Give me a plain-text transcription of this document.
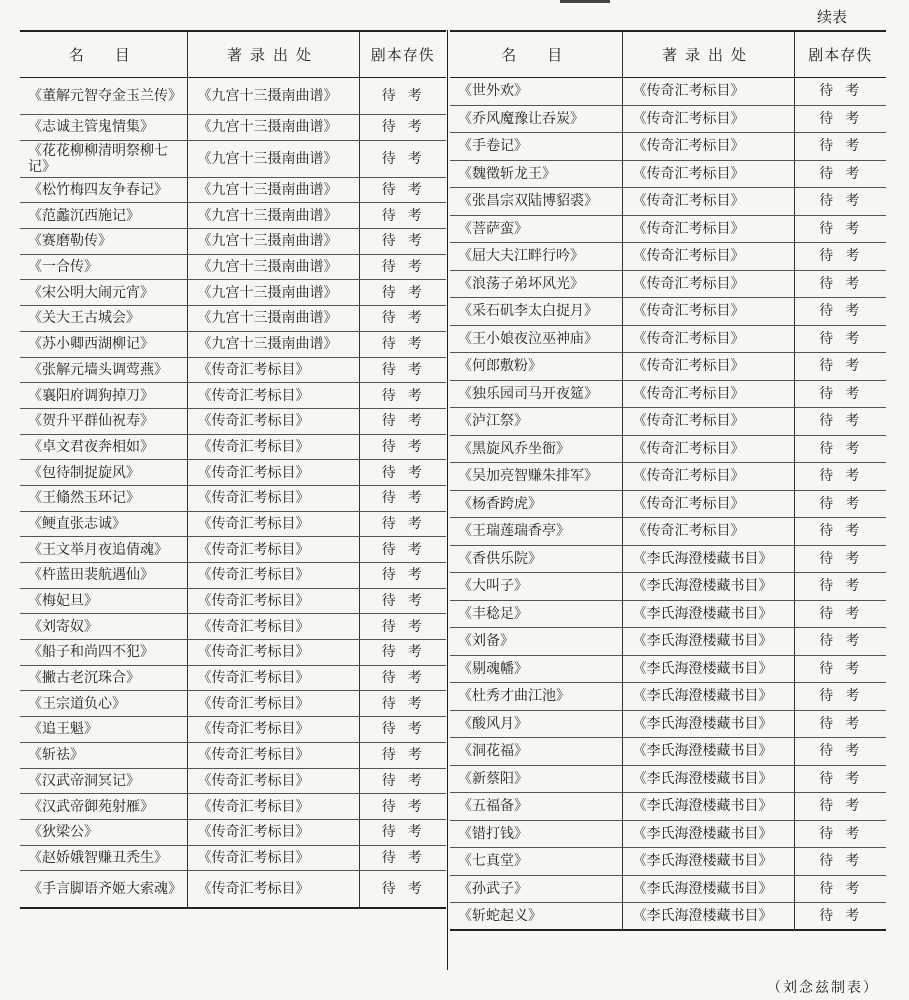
续表
名　目	著录出处	剧本存佚
《董解元智夺金玉兰传》	《九宫十三摄南曲谱》	待考
《志诚主管鬼情集》	《九宫十三摄南曲谱》	待考
《花花柳柳清明祭柳七记》	《九宫十三摄南曲谱》	待考
《松竹梅四友争春记》	《九宫十三摄南曲谱》	待考
《范蠡沉西施记》	《九宫十三摄南曲谱》	待考
《赛磨勒传》	《九宫十三摄南曲谱》	待考
《一合传》	《九宫十三摄南曲谱》	待考
《宋公明大闹元宵》	《九宫十三摄南曲谱》	待考
《关大王古城会》	《九宫十三摄南曲谱》	待考
《苏小卿西湖柳记》	《九宫十三摄南曲谱》	待考
《张解元墙头调莺燕》	《传奇汇考标目》	待考
《襄阳府调狗掉刀》	《传奇汇考标目》	待考
《贺升平群仙祝寿》	《传奇汇考标目》	待考
《卓文君夜奔相如》	《传奇汇考标目》	待考
《包待制捉旋风》	《传奇汇考标目》	待考
《王翛然玉环记》	《传奇汇考标目》	待考
《鲠直张志诚》	《传奇汇考标目》	待考
《王文举月夜追倩魂》	《传奇汇考标目》	待考
《杵蓝田裴航遇仙》	《传奇汇考标目》	待考
《梅妃旦》	《传奇汇考标目》	待考
《刘寄奴》	《传奇汇考标目》	待考
《船子和尚四不犯》	《传奇汇考标目》	待考
《撇古老沉珠合》	《传奇汇考标目》	待考
《王宗道负心》	《传奇汇考标目》	待考
《追王魁》	《传奇汇考标目》	待考
《斩祛》	《传奇汇考标目》	待考
《汉武帝洞冥记》	《传奇汇考标目》	待考
《汉武帝御苑射雁》	《传奇汇考标目》	待考
《狄梁公》	《传奇汇考标目》	待考
《赵娇娥智赚丑秃生》	《传奇汇考标目》	待考
《手言脚语齐姬大索魂》	《传奇汇考标目》	待考
名　目	著录出处	剧本存佚
《世外欢》	《传奇汇考标目》	待考
《乔风魔豫让吞炭》	《传奇汇考标目》	待考
《手卷记》	《传奇汇考标目》	待考
《魏徵斩龙王》	《传奇汇考标目》	待考
《张昌宗双陆博貂裘》	《传奇汇考标目》	待考
《菩萨蛮》	《传奇汇考标目》	待考
《屈大夫江畔行吟》	《传奇汇考标目》	待考
《浪荡子弟坏风光》	《传奇汇考标目》	待考
《采石矶李太白捉月》	《传奇汇考标目》	待考
《王小娘夜泣巫神庙》	《传奇汇考标目》	待考
《何郎敷粉》	《传奇汇考标目》	待考
《独乐园司马开夜筵》	《传奇汇考标目》	待考
《泸江祭》	《传奇汇考标目》	待考
《黑旋风乔坐衙》	《传奇汇考标目》	待考
《吴加亮智赚朱排军》	《传奇汇考标目》	待考
《杨香跨虎》	《传奇汇考标目》	待考
《王瑞莲瑞香亭》	《传奇汇考标目》	待考
《香供乐院》	《李氏海澄楼藏书目》	待考
《大叫子》	《李氏海澄楼藏书目》	待考
《丰稔足》	《李氏海澄楼藏书目》	待考
《刘备》	《李氏海澄楼藏书目》	待考
《剔魂幡》	《李氏海澄楼藏书目》	待考
《杜秀才曲江池》	《李氏海澄楼藏书目》	待考
《酸风月》	《李氏海澄楼藏书目》	待考
《洞花福》	《李氏海澄楼藏书目》	待考
《新蔡阳》	《李氏海澄楼藏书目》	待考
《五福备》	《李氏海澄楼藏书目》	待考
《错打钱》	《李氏海澄楼藏书目》	待考
《七真堂》	《李氏海澄楼藏书目》	待考
《孙武子》	《李氏海澄楼藏书目》	待考
《斩蛇起义》	《李氏海澄楼藏书目》	待考
（刘念兹制表）
